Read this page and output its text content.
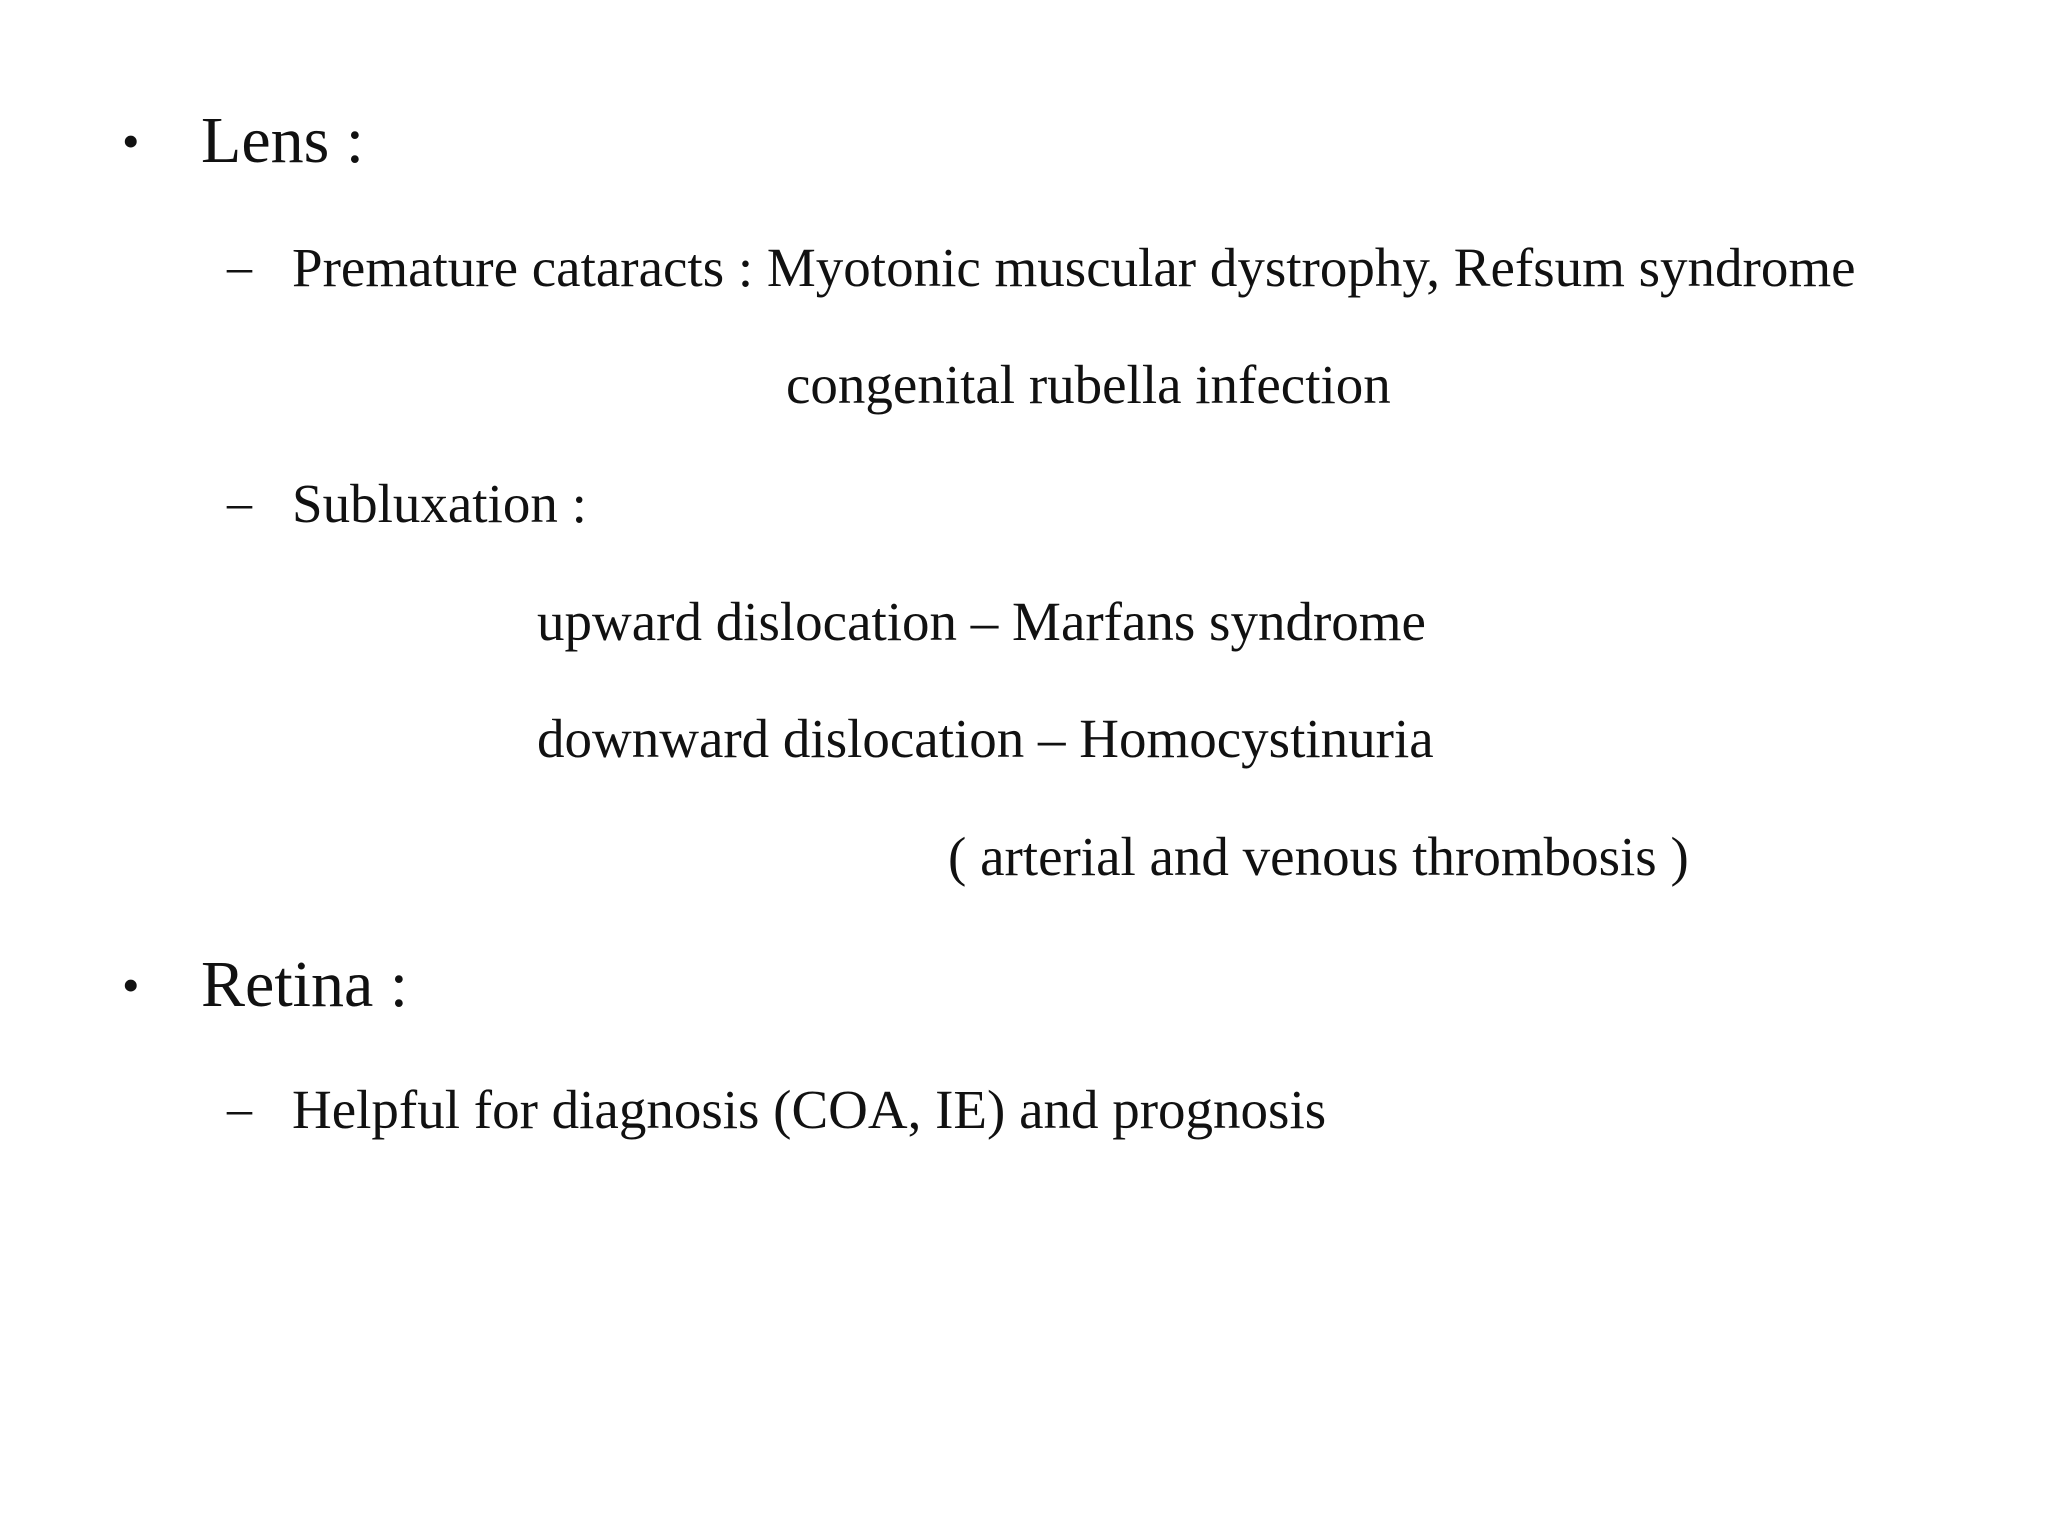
• Lens :
– Premature cataracts : Myotonic muscular dystrophy, Refsum syndrome
congenital rubella infection
– Subluxation :
upward dislocation – Marfans syndrome
downward dislocation – Homocystinuria
( arterial and venous thrombosis )
• Retina :
– Helpful for diagnosis (COA, IE) and prognosis
